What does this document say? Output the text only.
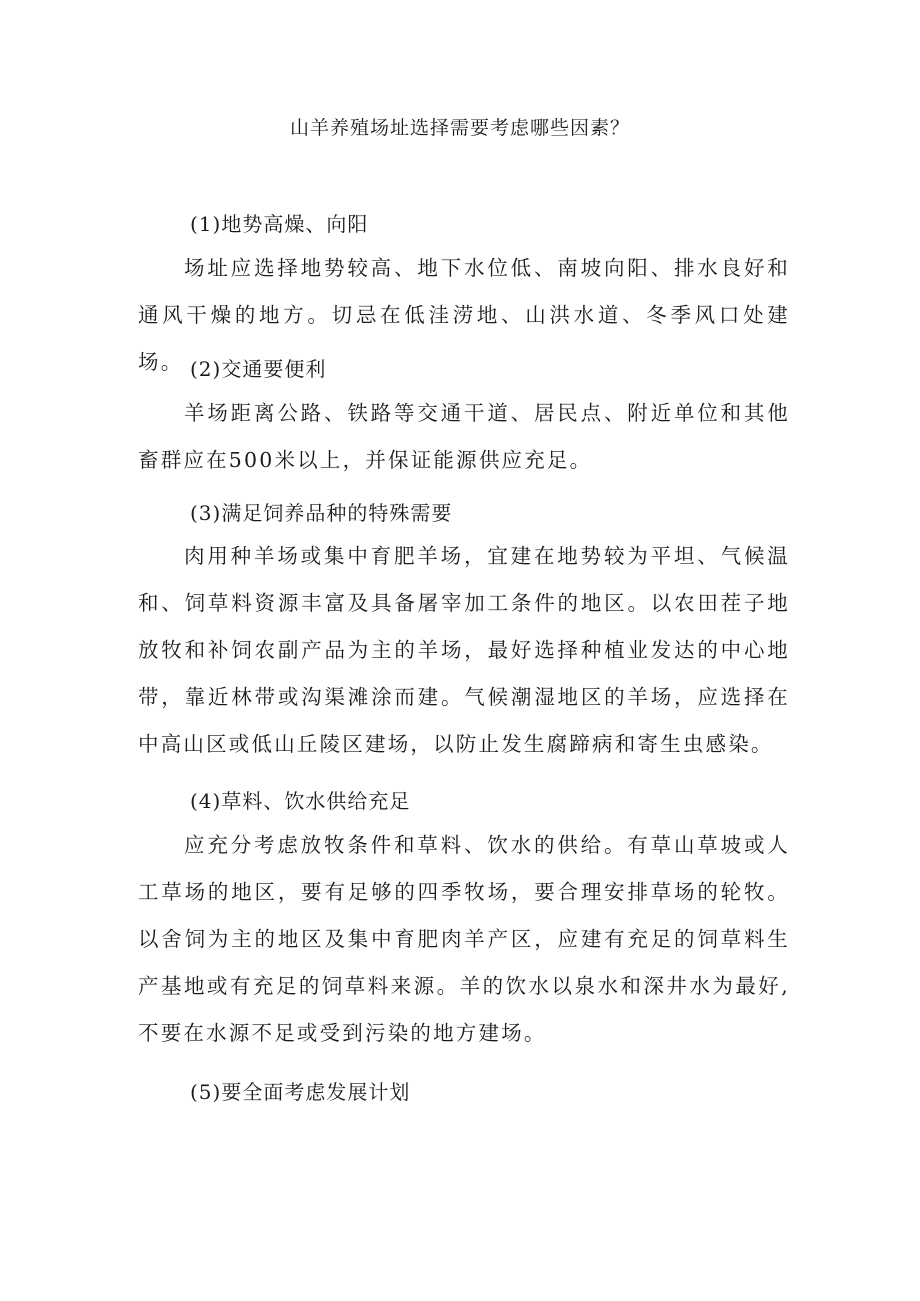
山羊养殖场址选择需要考虑哪些因素？
(1)地势高燥、向阳

场址应选择地势较高、地下水位低、南坡向阳、排水良好和通风干燥的地方。切忌在低洼涝地、山洪水道、冬季风口处建场。 (2)交通要便利

羊场距离公路、铁路等交通干道、居民点、附近单位和其他畜群应在500米以上，并保证能源供应充足。

(3)满足饲养品种的特殊需要

肉用种羊场或集中育肥羊场，宜建在地势较为平坦、气候温和、饲草料资源丰富及具备屠宰加工条件的地区。以农田茬子地放牧和补饲农副产品为主的羊场，最好选择种植业发达的中心地带，靠近林带或沟渠滩涂而建。气候潮湿地区的羊场，应选择在中高山区或低山丘陵区建场，以防止发生腐蹄病和寄生虫感染。

(4)草料、饮水供给充足

应充分考虑放牧条件和草料、饮水的供给。有草山草坡或人工草场的地区，要有足够的四季牧场，要合理安排草场的轮牧。以舍饲为主的地区及集中育肥肉羊产区，应建有充足的饲草料生产基地或有充足的饲草料来源。羊的饮水以泉水和深井水为最好,不要在水源不足或受到污染的地方建场。

(5)要全面考虑发展计划
